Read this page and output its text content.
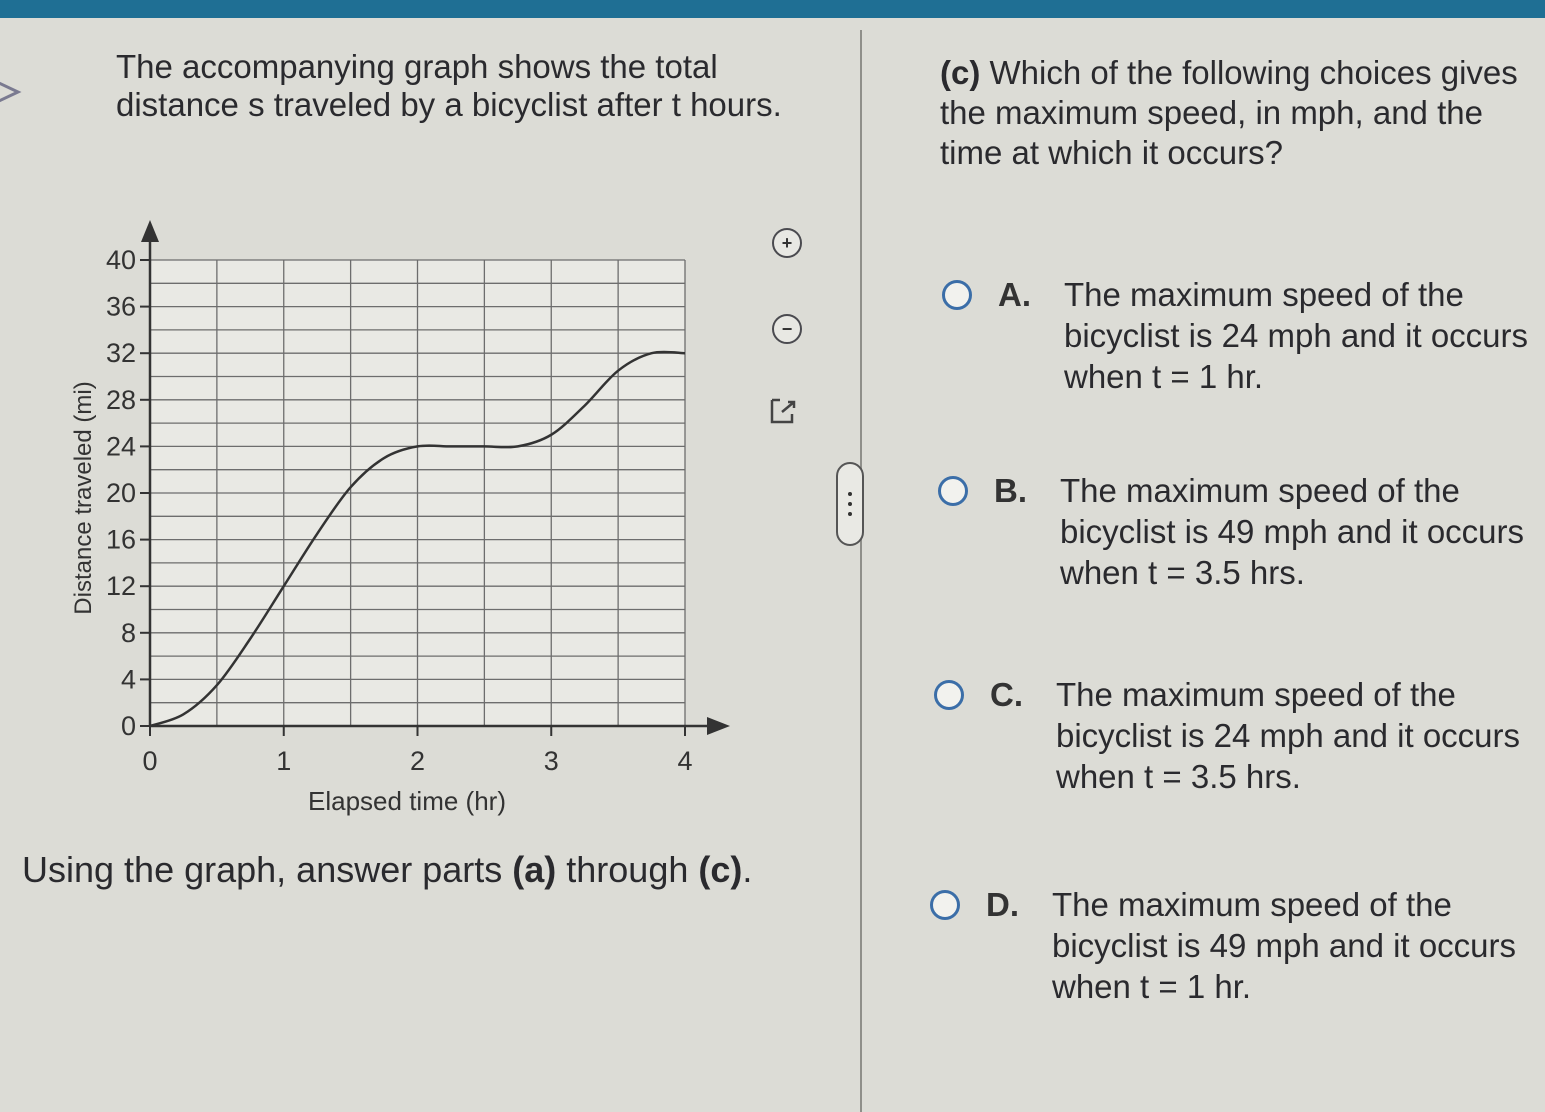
The accompanying graph shows the total distance s traveled by a bicyclist after t hours.

0	1	2	3	4
0
4
8
12
16
20
24
28
32
36
40
Elapsed time (hr)
Distance traveled (mi)

Using the graph, answer parts (a) through (c).

+
−

(c) Which of the following choices gives the maximum speed, in mph, and the time at which it occurs?

A. The maximum speed of the bicyclist is 24 mph and it occurs when t = 1 hr.

B. The maximum speed of the bicyclist is 49 mph and it occurs when t = 3.5 hrs.

C. The maximum speed of the bicyclist is 24 mph and it occurs when t = 3.5 hrs.

D. The maximum speed of the bicyclist is 49 mph and it occurs when t = 1 hr.
